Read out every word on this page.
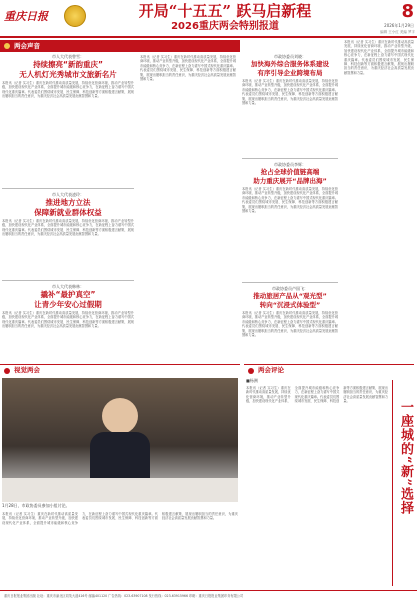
重庆日报	开局“十五五” 跃马启新程
2026重庆两会特别报道
8
2026年1月29日
编辑 王小红 美编 罗宇
两会声音
市人大代表曾雪：
持续擦亮“新韵重庆”
无人机灯光秀城市文旅新名片
本报讯（记者 实习生）重庆在新时代推动高质量发展，持续优化营商环境，推动产业转型升级，加快建设现代化产业体系，全面提升城市能级和核心竞争力，在新征程上奋力谱写中国式现代化重庆篇章。代表委员们围绕城市发展、民生保障、科技创新等方面积极建言献策，展现出履职担当的责任意识，为重庆经济社会高质量发展贡献智慧和力量。
市人大代表凌玲：
推进地方立法
保障新就业群体权益
本报讯（记者 实习生）重庆在新时代推动高质量发展，持续优化营商环境，推动产业转型升级，加快建设现代化产业体系，全面提升城市能级和核心竞争力，在新征程上奋力谱写中国式现代化重庆篇章。代表委员们围绕城市发展、民生保障、科技创新等方面积极建言献策，展现出履职担当的责任意识，为重庆经济社会高质量发展贡献智慧和力量。
市人大代表韩林：
撬补“最护真空”
让青少年安心过假期
本报讯（记者 实习生）重庆在新时代推动高质量发展，持续优化营商环境，推动产业转型升级，加快建设现代化产业体系，全面提升城市能级和核心竞争力，在新征程上奋力谱写中国式现代化重庆篇章。代表委员们围绕城市发展、民生保障、科技创新等方面积极建言献策，展现出履职担当的责任意识，为重庆经济社会高质量发展贡献智慧和力量。
本报讯（记者 实习生）重庆在新时代推动高质量发展，持续优化营商环境，推动产业转型升级，加快建设现代化产业体系，全面提升城市能级和核心竞争力，在新征程上奋力谱写中国式现代化重庆篇章。代表委员们围绕城市发展、民生保障、科技创新等方面积极建言献策，展现出履职担当的责任意识，为重庆经济社会高质量发展贡献智慧和力量。
市政协委员刘晓：
加快海外综合服务体系建设
有序引导企业跨境布局
本报讯（记者 实习生）重庆在新时代推动高质量发展，持续优化营商环境，推动产业转型升级，加快建设现代化产业体系，全面提升城市能级和核心竞争力，在新征程上奋力谱写中国式现代化重庆篇章。代表委员们围绕城市发展、民生保障、科技创新等方面积极建言献策，展现出履职担当的责任意识，为重庆经济社会高质量发展贡献智慧和力量。
市政协委员李辉：
抢占全球价值链高端
助力重庆展开“品牌出海”
本报讯（记者 实习生）重庆在新时代推动高质量发展，持续优化营商环境，推动产业转型升级，加快建设现代化产业体系，全面提升城市能级和核心竞争力，在新征程上奋力谱写中国式现代化重庆篇章。代表委员们围绕城市发展、民生保障、科技创新等方面积极建言献策，展现出履职担当的责任意识，为重庆经济社会高质量发展贡献智慧和力量。
市政协委员卢国飞：
推动旅居产品从“观光型”
转向“沉浸式体验型”
本报讯（记者 实习生）重庆在新时代推动高质量发展，持续优化营商环境，推动产业转型升级，加快建设现代化产业体系，全面提升城市能级和核心竞争力，在新征程上奋力谱写中国式现代化重庆篇章。代表委员们围绕城市发展、民生保障、科技创新等方面积极建言献策，展现出履职担当的责任意识，为重庆经济社会高质量发展贡献智慧和力量。
本报讯（记者 实习生）重庆在新时代推动高质量发展，持续优化营商环境，推动产业转型升级，加快建设现代化产业体系，全面提升城市能级和核心竞争力，在新征程上奋力谱写中国式现代化重庆篇章。代表委员们围绕城市发展、民生保障、科技创新等方面积极建言献策，展现出履职担当的责任意识，为重庆经济社会高质量发展贡献智慧和力量。
视觉两会
1月28日，市政协委员参加小组讨论。
本报讯（记者 实习生）重庆在新时代推动高质量发展，持续优化营商环境，推动产业转型升级，加快建设现代化产业体系，全面提升城市能级和核心竞争力，在新征程上奋力谱写中国式现代化重庆篇章。代表委员们围绕城市发展、民生保障、科技创新等方面积极建言献策，展现出履职担当的责任意识，为重庆经济社会高质量发展贡献智慧和力量。
两会评论
■杨溯
本报讯（记者 实习生）重庆在新时代推动高质量发展，持续优化营商环境，推动产业转型升级，加快建设现代化产业体系，全面提升城市能级和核心竞争力，在新征程上奋力谱写中国式现代化重庆篇章。代表委员们围绕城市发展、民生保障、科技创新等方面积极建言献策，展现出履职担当的责任意识，为重庆经济社会高质量发展贡献智慧和力量。	一座城的“新”选择
重庆日报报业集团出版 社址：重庆市渝北区同茂大道416号 邮编401120 广告热线：023-63907108 发行热线：023-63915966 印刷：重庆日报报业集团印务有限公司
